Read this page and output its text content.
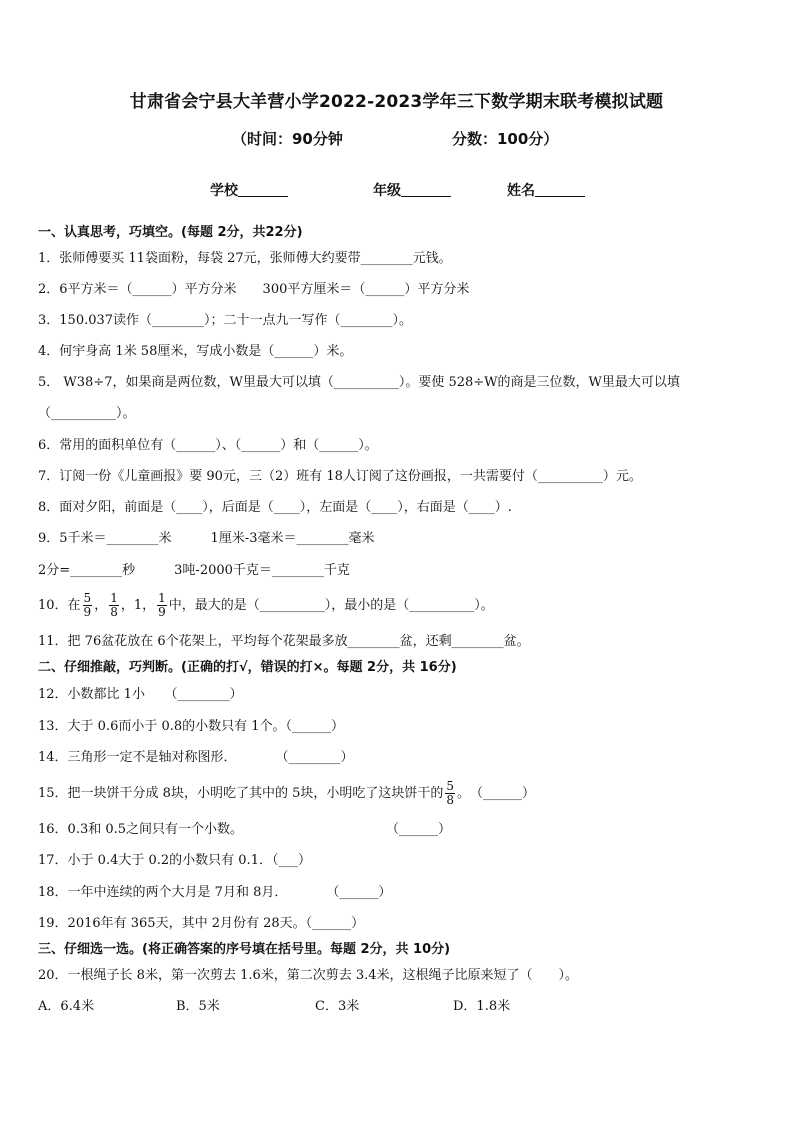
甘肃省会宁县大羊营小学2022-2023学年三下数学期末联考模拟试题
（时间：90分钟	分数：100分）
学校	年级	姓名
一、认真思考，巧填空。(每题 2分，共22分)
1．张师傅要买 11袋面粉，每袋 27元，张师傅大约要带________元钱。
2．6平方米＝（______）平方分米　　300平方厘米＝（______）平方分米
3．150.037读作（________）；二十一点九一写作（________）。
4．何宇身高 1米 58厘米，写成小数是（______）米。
5． W38÷7，如果商是两位数，W里最大可以填（__________）。要使 528÷W的商是三位数，W里最大可以填
（__________）。
6．常用的面积单位有（______）、（______）和（______）。
7．订阅一份《儿童画报》要 90元，三（2）班有 18人订阅了这份画报，一共需要付（__________）元。
8．面对夕阳，前面是（____），后面是（____），左面是（____），右面是（____）.
9．5千米＝________米　　　1厘米-3毫米＝________毫米
2分=________秒　　　3吨-2000千克＝________千克
10．在 $\frac{5}{9}$ ， $\frac{1}{8}$ ，1， $\frac{1}{9}$ 中，最大的是（__________），最小的是（__________）。
11．把 76盆花放在 6个花架上，平均每个花架最多放________盆，还剩________盆。
二、仔细推敲，巧判断。(正确的打√，错误的打×。每题 2分，共 16分)
12．小数都比 1小　　（________）
13．大于 0.6而小于 0.8的小数只有 1个。（______）
14．三角形一定不是轴对称图形．　　　　（________）
15．把一块饼干分成 8块，小明吃了其中的 5块，小明吃了这块饼干的 $\frac{5}{8}$ 。　（______）
16．0.3和 0.5之间只有一个小数。　　　　　　　　　　　　（______）
17．小于 0.4大于 0.2的小数只有 0.1．（___）
18．一年中连续的两个大月是 7月和 8月．　　　　（______）
19．2016年有 365天，其中 2月份有 28天。（______）
三、仔细选一选。(将正确答案的序号填在括号里。每题 2分，共 10分)
20．一根绳子长 8米，第一次剪去 1.6米，第二次剪去 3.4米，这根绳子比原来短了（　　）。
A．6.4米	B．5米	C．3米	D．1.8米
